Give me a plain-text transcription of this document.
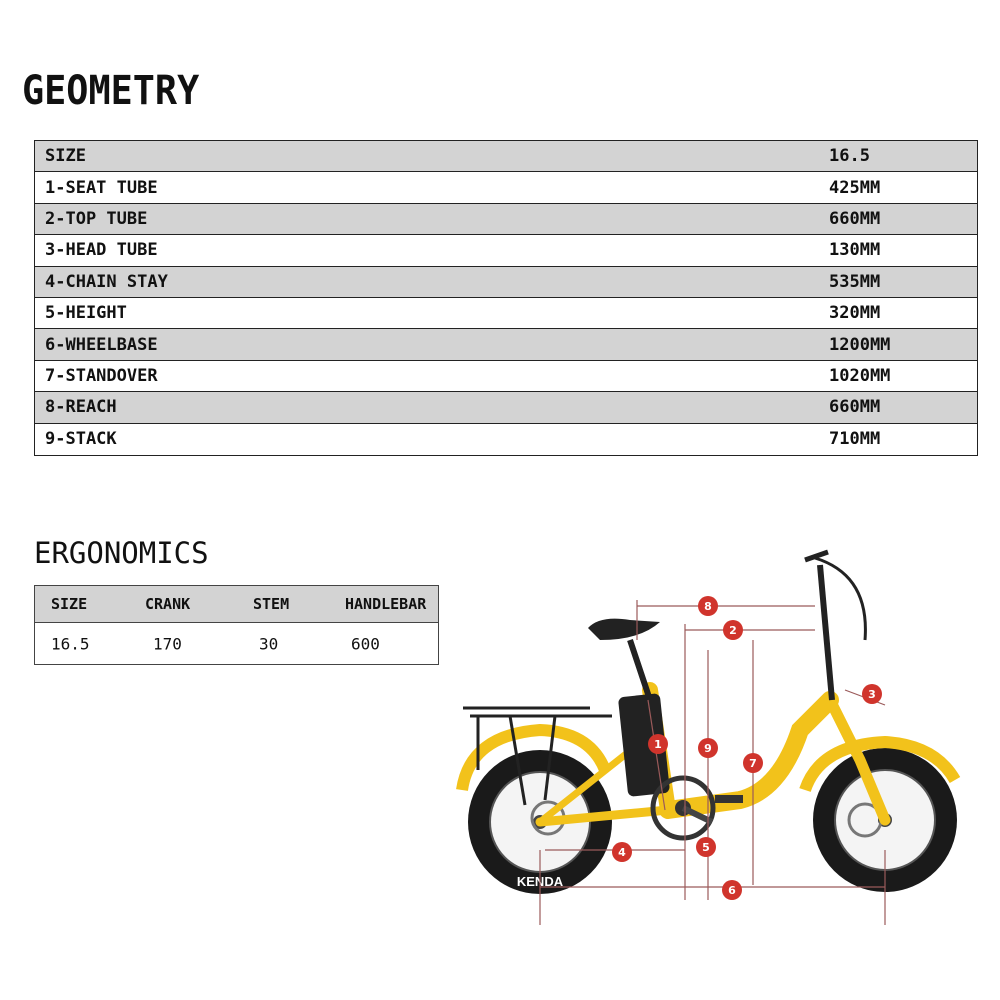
GEOMETRY
SIZE	16.5
1-SEAT TUBE	425MM
2-TOP TUBE	660MM
3-HEAD TUBE	130MM
4-CHAIN STAY	535MM
5-HEIGHT	320MM
6-WHEELBASE	1200MM
7-STANDOVER	1020MM
8-REACH	660MM
9-STACK	710MM
ERGONOMICS
SIZE	CRANK	STEM	HANDLEBAR
16.5	170	30	600
KENDA
8
2
3
1	9
7
4	5
6
